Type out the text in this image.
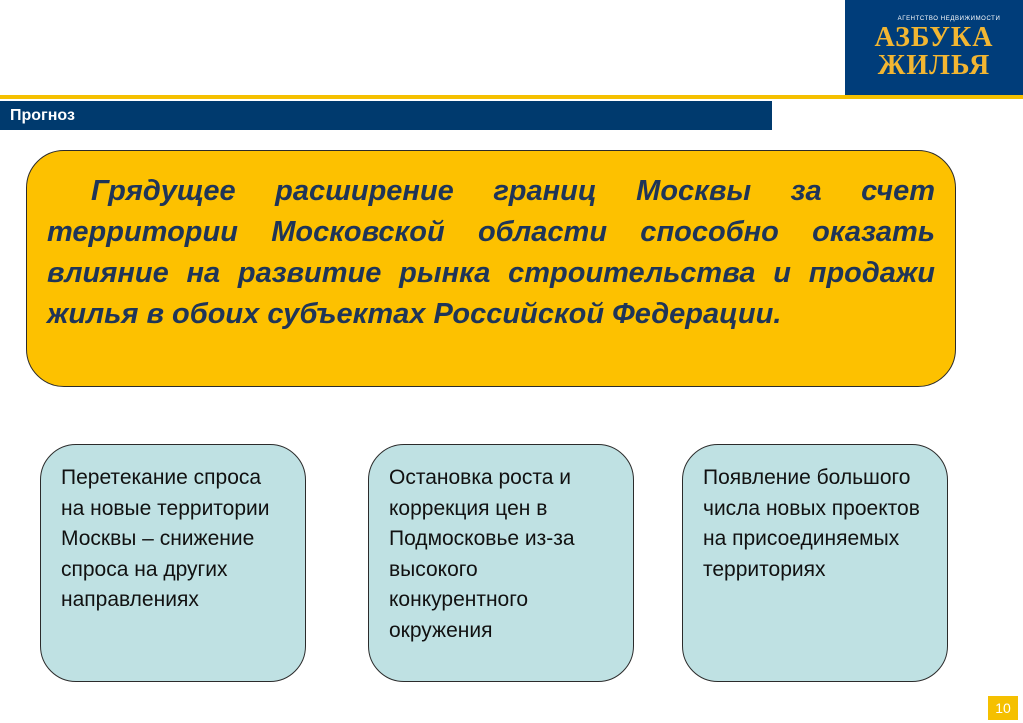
АГЕНТСТВО НЕДВИЖИМОСТИ
АЗБУКА
ЖИЛЬЯ
Прогноз

Грядущее расширение границ Москвы за счет территории Московской области способно оказать влияние на развитие рынка строительства и продажи жилья в обоих субъектах Российской Федерации.

Перетекание спроса на новые территории Москвы – снижение спроса на других направлениях
Остановка роста и коррекция цен в Подмосковье из-за высокого конкурентного окружения
Появление большого числа новых проектов на присоединяемых территориях
10
